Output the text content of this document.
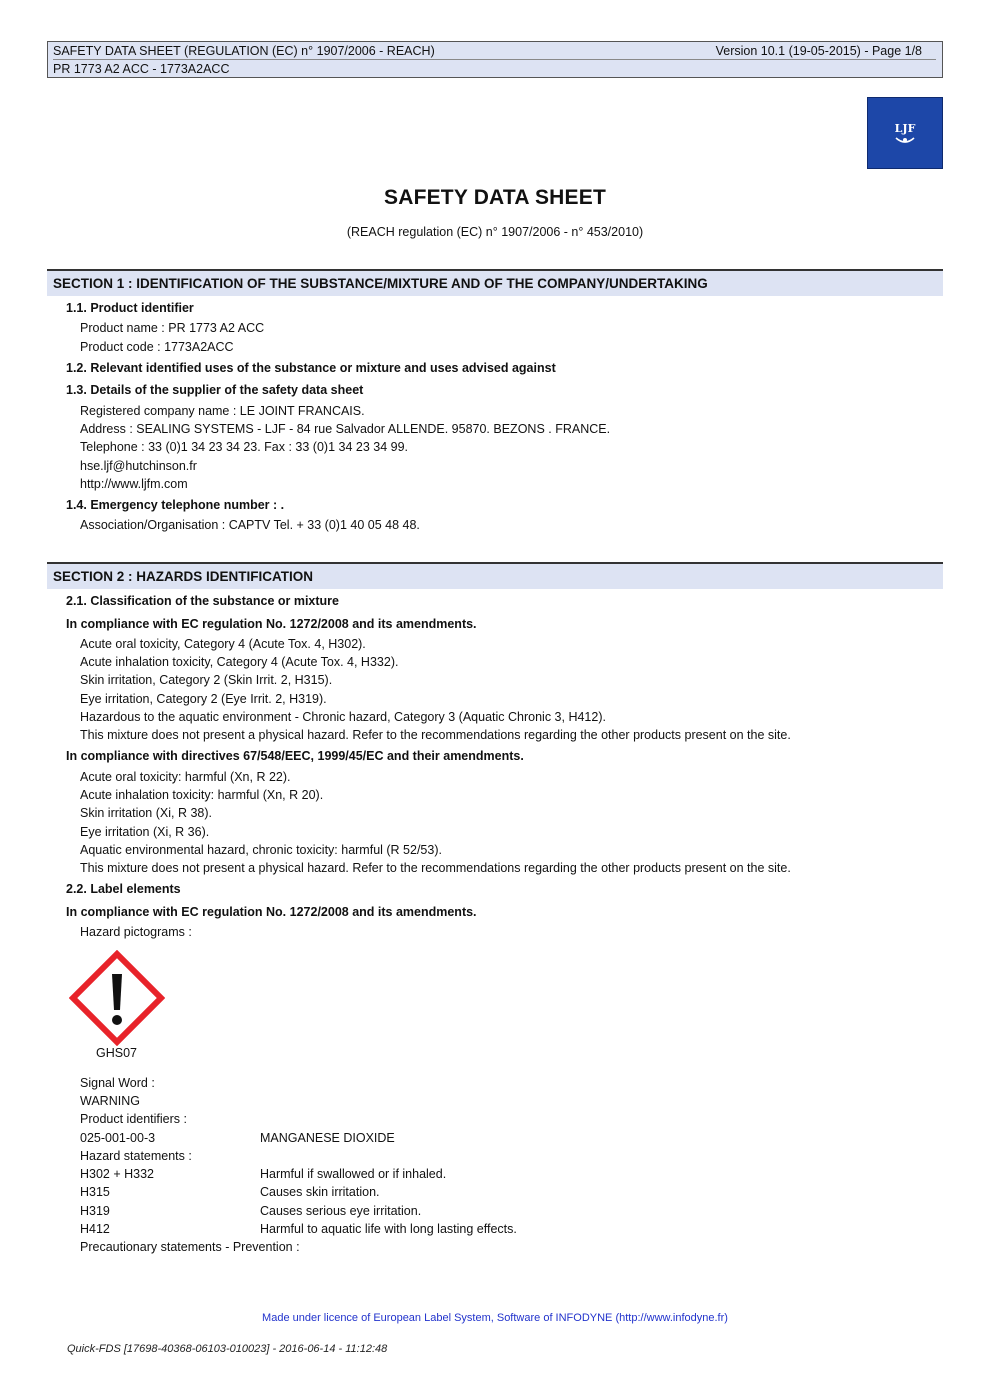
SAFETY DATA SHEET (REGULATION (EC) n° 1907/2006 - REACH)	Version 10.1 (19-05-2015) - Page 1/8
PR 1773 A2 ACC - 1773A2ACC
LJF
SAFETY DATA SHEET
(REACH regulation (EC) n° 1907/2006 - n° 453/2010)
SECTION 1 : IDENTIFICATION OF THE SUBSTANCE/MIXTURE AND OF THE COMPANY/UNDERTAKING
1.1. Product identifier
Product name : PR 1773 A2 ACC
Product code : 1773A2ACC
1.2. Relevant identified uses of the substance or mixture and uses advised against
1.3. Details of the supplier of the safety data sheet
Registered company name : LE JOINT FRANCAIS.
Address : SEALING SYSTEMS - LJF - 84 rue Salvador ALLENDE. 95870. BEZONS . FRANCE.
Telephone : 33 (0)1 34 23 34 23. Fax : 33 (0)1 34 23 34 99.
hse.ljf@hutchinson.fr
http://www.ljfm.com
1.4. Emergency telephone number : .
Association/Organisation : CAPTV Tel. + 33 (0)1 40 05 48 48.
SECTION 2 : HAZARDS IDENTIFICATION
2.1. Classification of the substance or mixture
In compliance with EC regulation No. 1272/2008 and its amendments.
Acute oral toxicity, Category 4 (Acute Tox. 4, H302).
Acute inhalation toxicity, Category 4 (Acute Tox. 4, H332).
Skin irritation, Category 2 (Skin Irrit. 2, H315).
Eye irritation, Category 2 (Eye Irrit. 2, H319).
Hazardous to the aquatic environment - Chronic hazard, Category 3 (Aquatic Chronic 3, H412).
This mixture does not present a physical hazard. Refer to the recommendations regarding the other products present on the site.
In compliance with directives 67/548/EEC, 1999/45/EC and their amendments.
Acute oral toxicity: harmful (Xn, R 22).
Acute inhalation toxicity: harmful (Xn, R 20).
Skin irritation (Xi, R 38).
Eye irritation (Xi, R 36).
Aquatic environmental hazard, chronic toxicity: harmful (R 52/53).
This mixture does not present a physical hazard. Refer to the recommendations regarding the other products present on the site.
2.2. Label elements
In compliance with EC regulation No. 1272/2008 and its amendments.
Hazard pictograms :
GHS07
Signal Word :
WARNING
Product identifiers :
025-001-00-3	MANGANESE DIOXIDE
Hazard statements :
H302 + H332	Harmful if swallowed or if inhaled.
H315	Causes skin irritation.
H319	Causes serious eye irritation.
H412	Harmful to aquatic life with long lasting effects.
Precautionary statements - Prevention :
Made under licence of European Label System, Software of INFODYNE (http://www.infodyne.fr)
Quick-FDS [17698-40368-06103-010023] - 2016-06-14 - 11:12:48
